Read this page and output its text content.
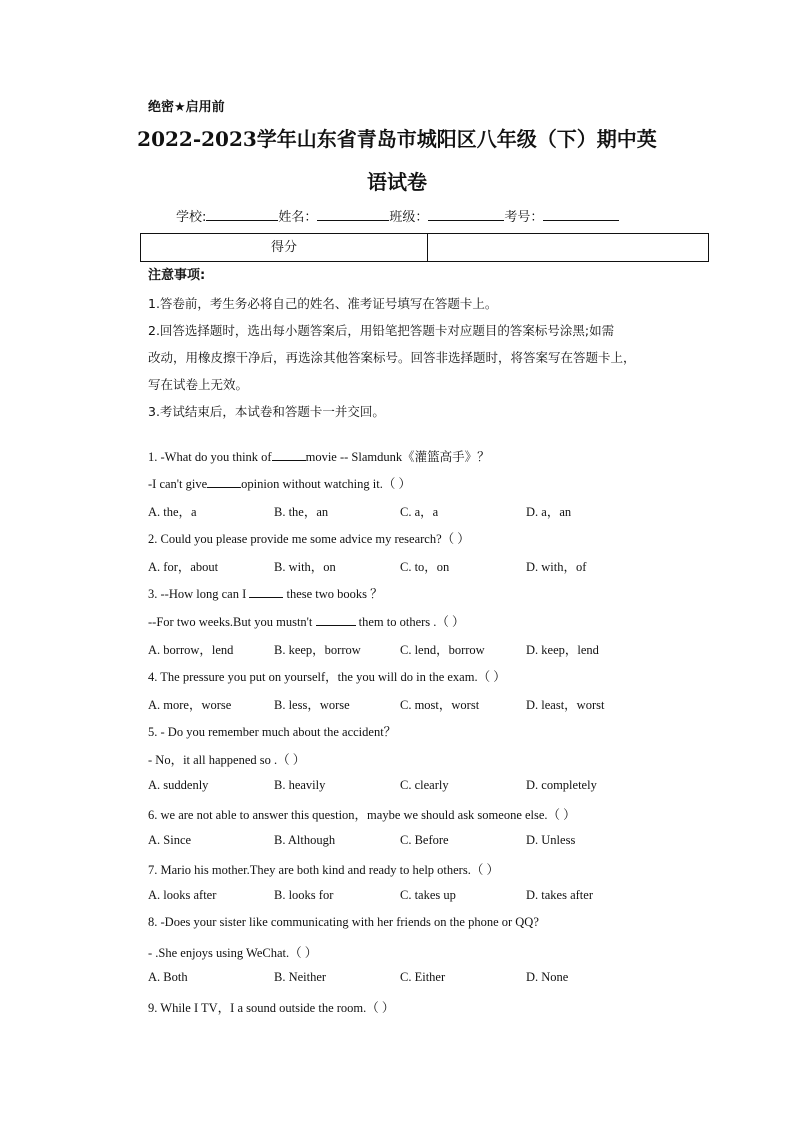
绝密★启用前
2022-2023学年山东省青岛市城阳区八年级（下）期中英
语试卷
学校:	姓名：	班级：	考号：
得分	
注意事项:
1.答卷前，考生务必将自己的姓名、准考证号填写在答题卡上。
2.回答选择题时，选出每小题答案后，用铅笔把答题卡对应题目的答案标号涂黑;如需
改动，用橡皮擦干净后，再选涂其他答案标号。回答非选择题时，将答案写在答题卡上，
写在试卷上无效。
3.考试结束后，本试卷和答题卡一并交回。
1. -What do you think of	movie -- Slamdunk《灌篮高手》？
-I can't give	opinion without watching it.（ ）
A. the，a	B. the，an	C. a，a	D. a，an
2. Could you please provide me some advice my research?（ ）
A. for，about	B. with，on	C. to，on	D. with，of
3. --How long can I	these two books ？
--For two weeks.But you mustn't	them to others .（ ）
A. borrow，lend	B. keep，borrow	C. lend，borrow	D. keep，lend
4. The pressure you put on yourself，the you will do in the exam.（ ）
A. more，worse	B. less，worse	C. most，worst	D. least，worst
5. - Do you remember much about the accident？
- No，it all happened so .（ ）
A. suddenly	B. heavily	C. clearly	D. completely
6. we are not able to answer this question，maybe we should ask someone else.（ ）
A. Since	B. Although	C. Before	D. Unless
7. Mario his mother.They are both kind and ready to help others.（ ）
A. looks after	B. looks for	C. takes up	D. takes after
8. -Does your sister like communicating with her friends on the phone or QQ?
- .She enjoys using WeChat.（ ）
A. Both	B. Neither	C. Either	D. None
9. While I TV，I a sound outside the room.（ ）
